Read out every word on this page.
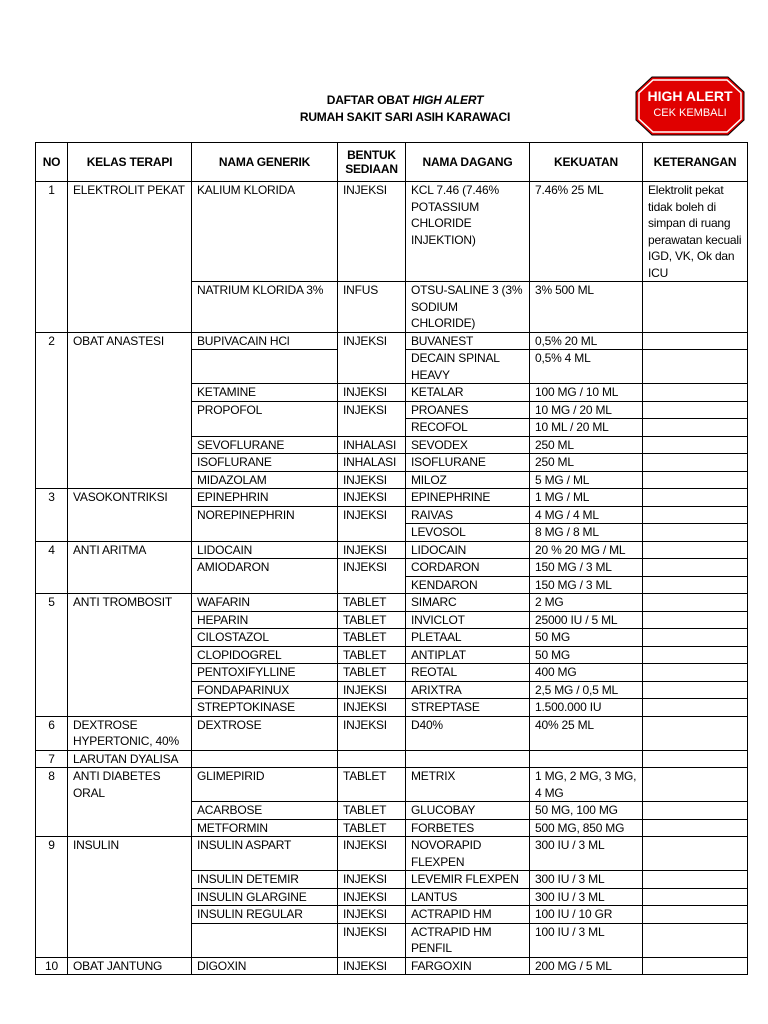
DAFTAR OBAT HIGH ALERT
RUMAH SAKIT SARI ASIH KARAWACI
HIGH ALERT
CEK KEMBALI
NO	KELAS TERAPI	NAMA GENERIK	BENTUK SEDIAAN	NAMA DAGANG	KEKUATAN	KETERANGAN
1	ELEKTROLIT PEKAT	KALIUM KLORIDA	INJEKSI	KCL 7.46 (7.46% POTASSIUM CHLORIDE INJEKTION)	7.46% 25 ML	Elektrolit pekat tidak boleh di simpan di ruang perawatan kecuali IGD, VK, Ok dan ICU
		NATRIUM KLORIDA 3%	INFUS	OTSU-SALINE 3 (3% SODIUM CHLORIDE)	3% 500 ML	
2	OBAT ANASTESI	BUPIVACAIN HCl	INJEKSI	BUVANEST	0,5% 20 ML	
				DECAIN SPINAL HEAVY	0,5% 4 ML	
		KETAMINE	INJEKSI	KETALAR	100 MG / 10 ML	
		PROPOFOL	INJEKSI	PROANES	10 MG / 20 ML	
				RECOFOL	10 ML / 20 ML	
		SEVOFLURANE	INHALASI	SEVODEX	250 ML	
		ISOFLURANE	INHALASI	ISOFLURANE	250 ML	
		MIDAZOLAM	INJEKSI	MILOZ	5 MG / ML	
3	VASOKONTRIKSI	EPINEPHRIN	INJEKSI	EPINEPHRINE	1 MG / ML	
		NOREPINEPHRIN	INJEKSI	RAIVAS	4 MG / 4 ML	
				LEVOSOL	8 MG / 8 ML	
4	ANTI ARITMA	LIDOCAIN	INJEKSI	LIDOCAIN	20 % 20 MG / ML	
		AMIODARON	INJEKSI	CORDARON	150 MG / 3 ML	
				KENDARON	150 MG / 3 ML	
5	ANTI TROMBOSIT	WAFARIN	TABLET	SIMARC	2 MG	
		HEPARIN	TABLET	INVICLOT	25000 IU / 5 ML	
		CILOSTAZOL	TABLET	PLETAAL	50 MG	
		CLOPIDOGREL	TABLET	ANTIPLAT	50 MG	
		PENTOXIFYLLINE	TABLET	REOTAL	400 MG	
		FONDAPARINUX	INJEKSI	ARIXTRA	2,5 MG / 0,5 ML	
		STREPTOKINASE	INJEKSI	STREPTASE	1.500.000 IU	
6	DEXTROSE HYPERTONIC, 40%	DEXTROSE	INJEKSI	D40%	40% 25 ML	
7	LARUTAN DYALISA					
8	ANTI DIABETES ORAL	GLIMEPIRID	TABLET	METRIX	1 MG, 2 MG, 3 MG, 4 MG	
		ACARBOSE	TABLET	GLUCOBAY	50 MG, 100 MG	
		METFORMIN	TABLET	FORBETES	500 MG, 850 MG	
9	INSULIN	INSULIN ASPART	INJEKSI	NOVORAPID FLEXPEN	300 IU / 3 ML	
		INSULIN DETEMIR	INJEKSI	LEVEMIR FLEXPEN	300 IU / 3 ML	
		INSULIN GLARGINE	INJEKSI	LANTUS	300 IU / 3 ML	
		INSULIN REGULAR	INJEKSI	ACTRAPID HM	100 IU / 10 GR	
			INJEKSI	ACTRAPID HM PENFIL	100 IU / 3 ML	
10	OBAT JANTUNG	DIGOXIN	INJEKSI	FARGOXIN	200 MG / 5 ML	
